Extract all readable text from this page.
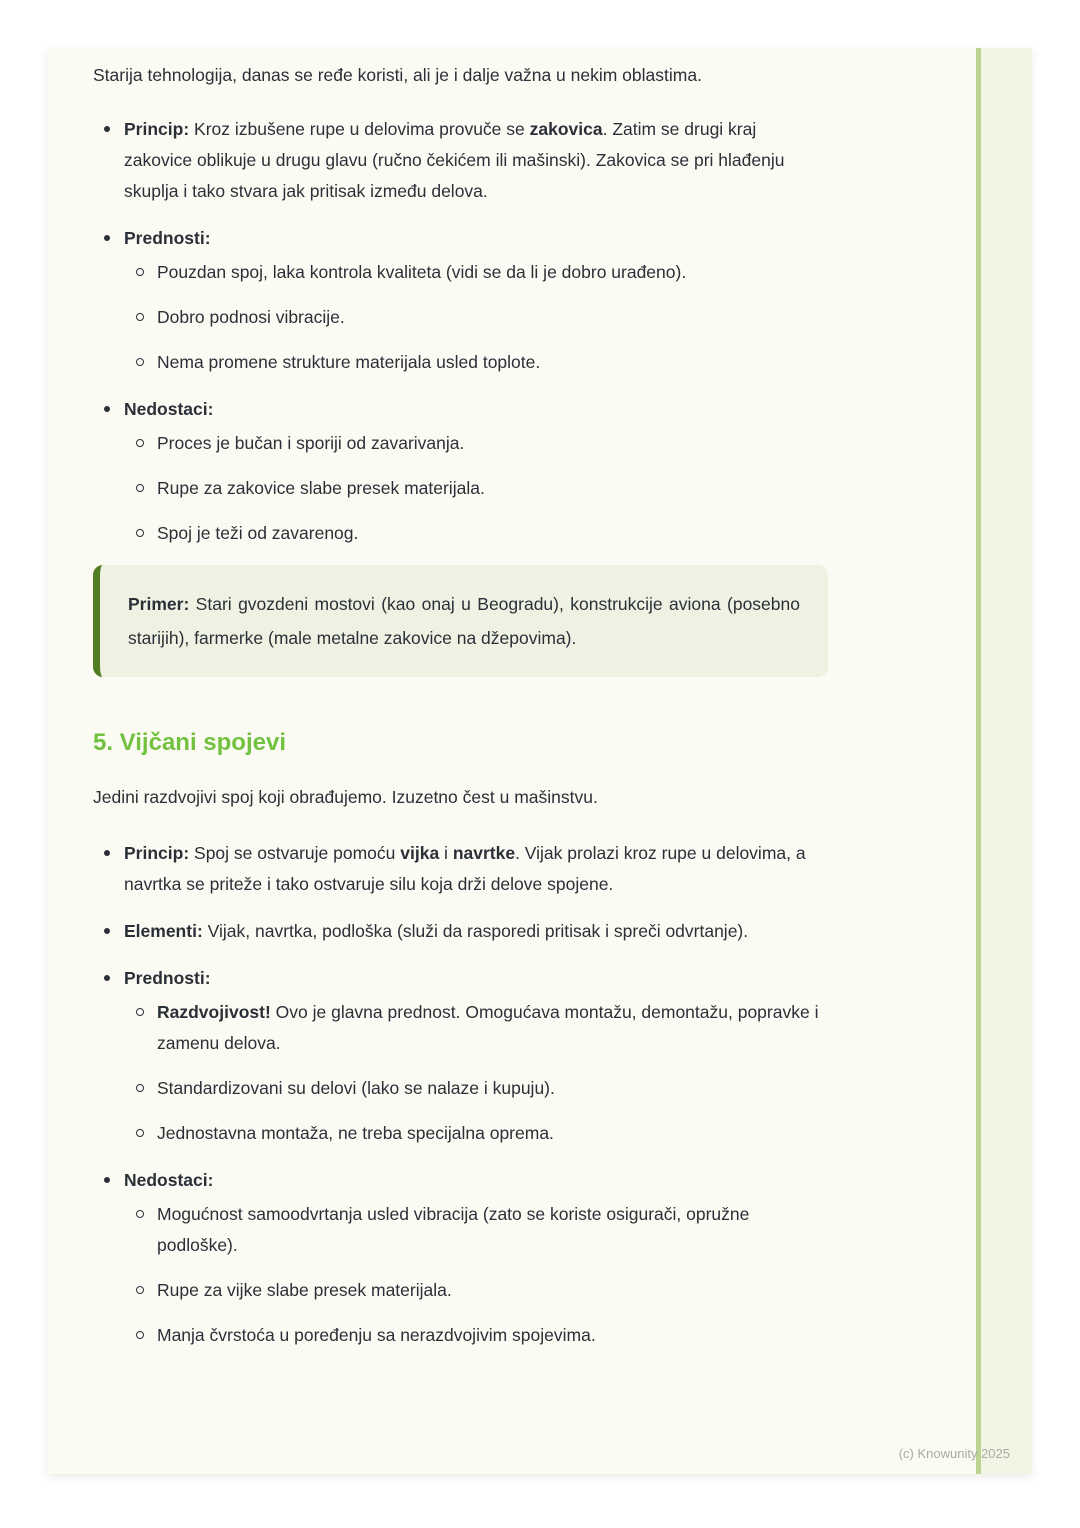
Starija tehnologija, danas se ređe koristi, ali je i dalje važna u nekim oblastima.

Princip: Kroz izbušene rupe u delovima provuče se zakovica. Zatim se drugi kraj zakovice oblikuje u drugu glavu (ručno čekićem ili mašinski). Zakovica se pri hlađenju skuplja i tako stvara jak pritisak između delova.
Prednosti:
Pouzdan spoj, laka kontrola kvaliteta (vidi se da li je dobro urađeno).
Dobro podnosi vibracije.
Nema promene strukture materijala usled toplote.
Nedostaci:
Proces je bučan i sporiji od zavarivanja.
Rupe za zakovice slabe presek materijala.
Spoj je teži od zavarenog.
Primer: Stari gvozdeni mostovi (kao onaj u Beogradu), konstrukcije aviona (posebno starijih), farmerke (male metalne zakovice na džepovima).
5. Vijčani spojevi

Jedini razdvojivi spoj koji obrađujemo. Izuzetno čest u mašinstvu.

Princip: Spoj se ostvaruje pomoću vijka i navrtke. Vijak prolazi kroz rupe u delovima, a navrtka se priteže i tako ostvaruje silu koja drži delove spojene.
Elementi: Vijak, navrtka, podloška (služi da rasporedi pritisak i spreči odvrtanje).
Prednosti:
Razdvojivost! Ovo je glavna prednost. Omogućava montažu, demontažu, popravke i zamenu delova.
Standardizovani su delovi (lako se nalaze i kupuju).
Jednostavna montaža, ne treba specijalna oprema.
Nedostaci:
Mogućnost samoodvrtanja usled vibracija (zato se koriste osigurači, opružne podloške).
Rupe za vijke slabe presek materijala.
Manja čvrstoća u poređenju sa nerazdvojivim spojevima.
(c) Knowunity 2025
